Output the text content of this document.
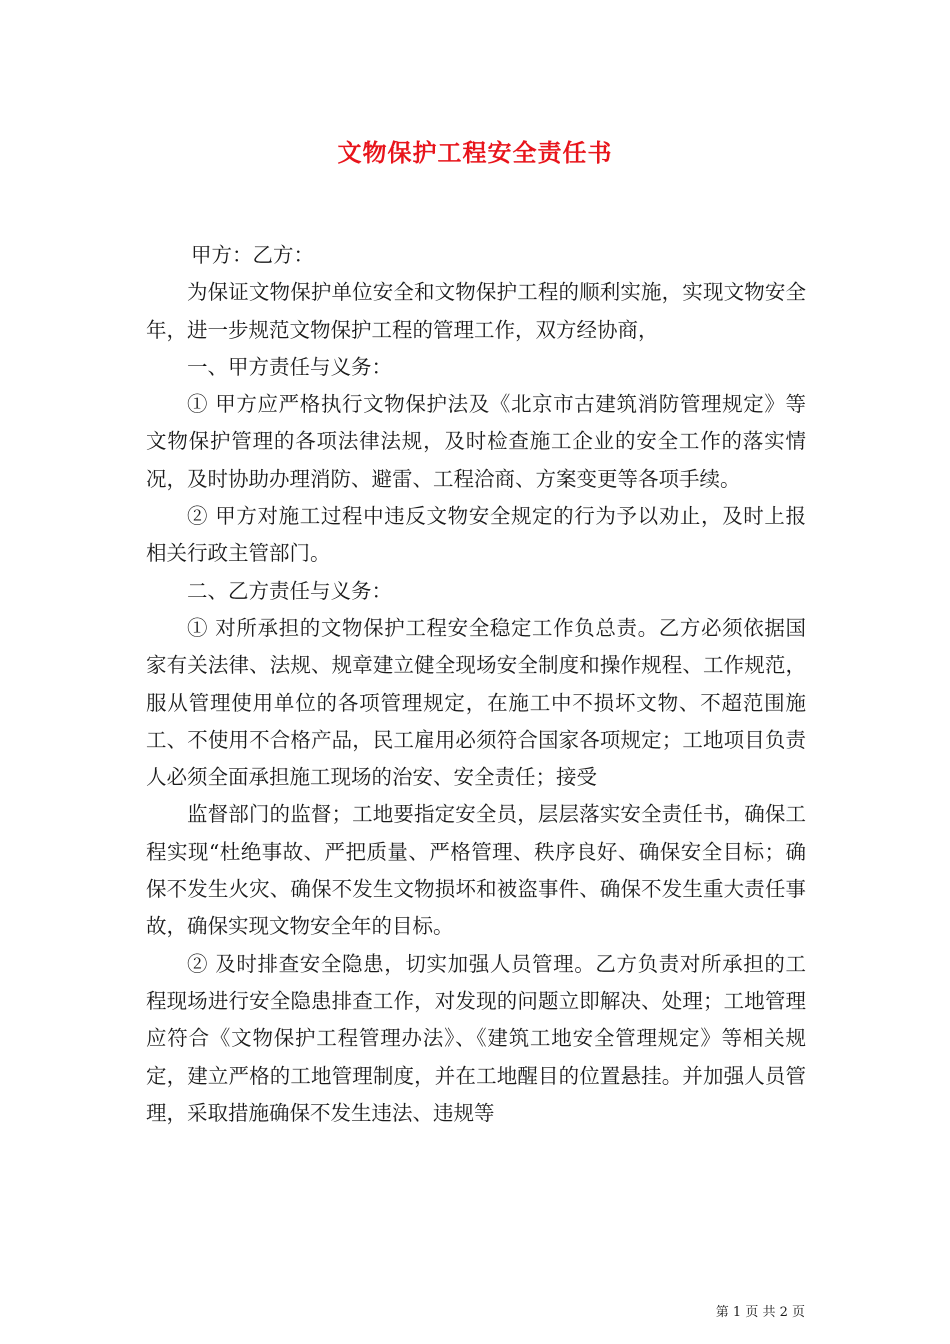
文物保护工程安全责任书

甲方：乙方：

为保证文物保护单位安全和文物保护工程的顺利实施，实现文物安全年，进一步规范文物保护工程的管理工作，双方经协商，

一、甲方责任与义务：

① 甲方应严格执行文物保护法及《北京市古建筑消防管理规定》等文物保护管理的各项法律法规，及时检查施工企业的安全工作的落实情况，及时协助办理消防、避雷、工程洽商、方案变更等各项手续。

② 甲方对施工过程中违反文物安全规定的行为予以劝止，及时上报相关行政主管部门。

二、乙方责任与义务：

① 对所承担的文物保护工程安全稳定工作负总责。乙方必须依据国家有关法律、法规、规章建立健全现场安全制度和操作规程、工作规范，服从管理使用单位的各项管理规定，在施工中不损坏文物、不超范围施工、不使用不合格产品，民工雇用必须符合国家各项规定；工地项目负责人必须全面承担施工现场的治安、安全责任；接受

监督部门的监督；工地要指定安全员，层层落实安全责任书，确保工程实现“杜绝事故、严把质量、严格管理、秩序良好、确保安全目标；确保不发生火灾、确保不发生文物损坏和被盗事件、确保不发生重大责任事故，确保实现文物安全年的目标。

② 及时排查安全隐患，切实加强人员管理。乙方负责对所承担的工程现场进行安全隐患排查工作，对发现的问题立即解决、处理；工地管理应符合《文物保护工程管理办法》、《建筑工地安全管理规定》等相关规定，建立严格的工地管理制度，并在工地醒目的位置悬挂。并加强人员管理，采取措施确保不发生违法、违规等

第 1 页 共 2 页
